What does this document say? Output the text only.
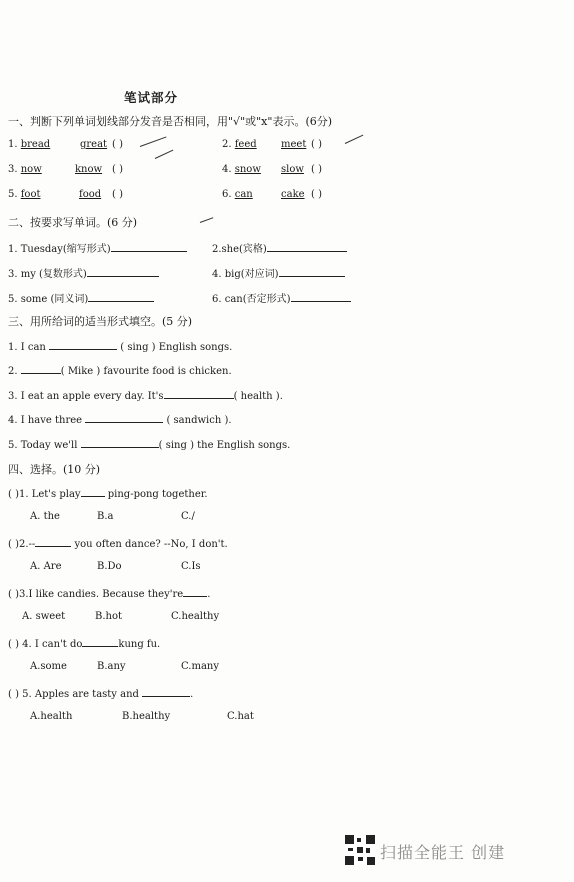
笔试部分
一、判断下列单词划线部分发音是否相同，用"√"或"x"表示。(6分)
1. bread	great ( )	2. feed meet ( )
3. now	know ( )	4. snow slow ( )
5. foot	food ( )	6. can	cake ( )
二、按要求写单词。(6 分)
1. Tuesday(缩写形式)	2.she(宾格)
3. my (复数形式)	4. big(对应词)
5. some (同义词)	6. can(否定形式)
三、用所给词的适当形式填空。(5 分)
1. I can	( sing ) English songs.
2.	( Mike ) favourite food is chicken.
3. I eat an apple every day. It's	( health ).
4. I have three	( sandwich ).
5. Today we'll	( sing ) the English songs.
四、选择。(10 分)
( )1. Let's play	ping-pong together.
A. the	B.a	C./
( )2.--	you often dance? --No, I don't.
A. Are	B.Do	C.Is
( )3.I like candies. Because they're .
A. sweet	B.hot	C.healthy
( ) 4. I can't do	kung fu.
A.some	B.any	C.many
( ) 5. Apples are tasty and	.
A.health	B.healthy	C.hat
扫描全能王 创建
